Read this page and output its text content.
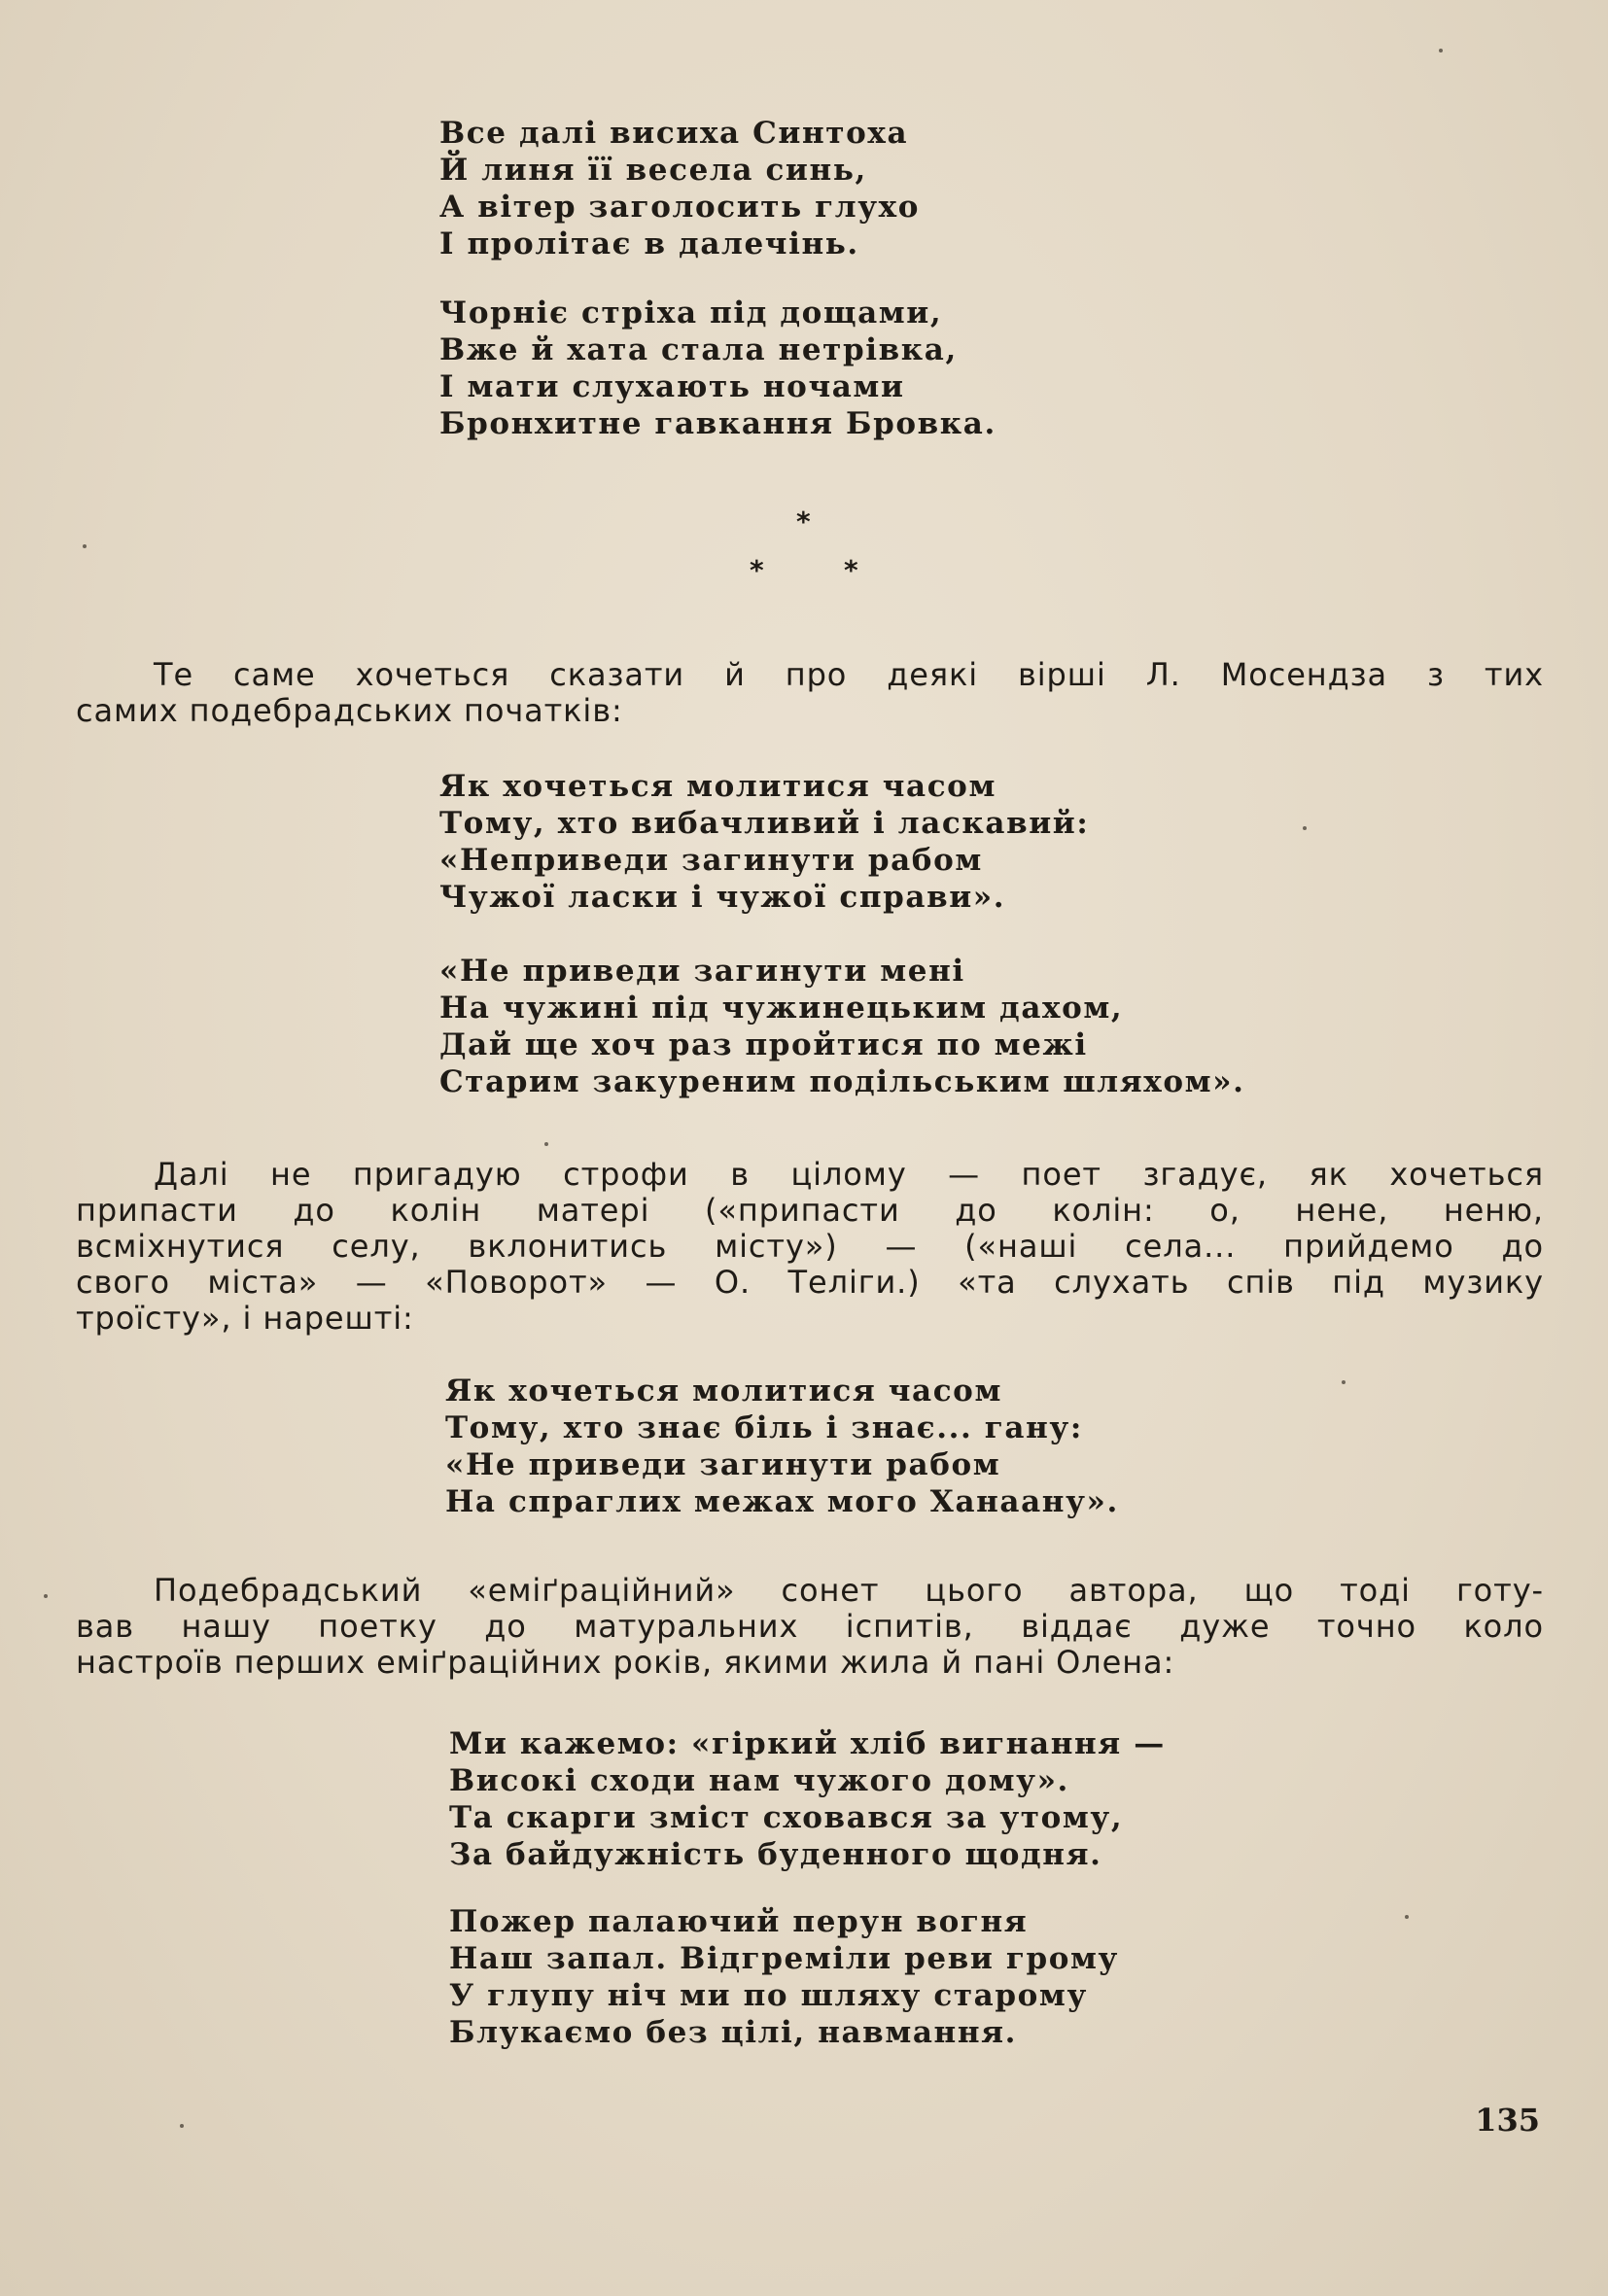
Все далі висиха Синтоха
Й линя її весела синь,
А вітер заголосить глухо
І пролітає в далечінь.
Чорніє стріха під дощами,
Вже й хата стала нетрівка,
І мати слухають ночами
Бронхитне гавкання Бровка.
*
*	*
Те саме хочеться сказати й про деякі вірші Л. Мосендза з тих
самих подебрадських початків:
Як хочеться молитися часом
Тому, хто вибачливий і ласкавий:
«Неприведи загинути рабом
Чужої ласки і чужої справи».
«Не приведи загинути мені
На чужині під чужинецьким дахом,
Дай ще хоч раз пройтися по межі
Старим закуреним подільським шляхом».
Далі не пригадую строфи в цілому — поет згадує, як хочеться
припасти до колін матері («припасти до колін: о, нене, нeню,
всміхнутися селу, вклонитись місту») — («наші села... прийдемо до
свого міста» — «Поворот» — О. Теліги.) «та слухать спів під музику
троїсту», і нарешті:
Як хочеться молитися часом
Тому, хто знає біль і знає... гану:
«Не приведи загинути рабом
На спраглих межах мого Ханаану».
Подебрадський «еміґраційний» сонет цього автора, що тоді готу-
вав нашу поетку до матуральних іспитів, віддає дуже точно коло
настроїв перших еміґраційних років, якими жила й пані Олена:
Ми кажемо: «гіркий хліб вигнання —
Високі сходи нам чужого дому».
Та скарги зміст сховався за утому,
За байдужність буденного щодня.
Пожер палаючий перун вогня
Наш запал. Відгреміли реви грому
У глупу ніч ми по шляху старому
Блукаємо без цілі, навмання.
135
